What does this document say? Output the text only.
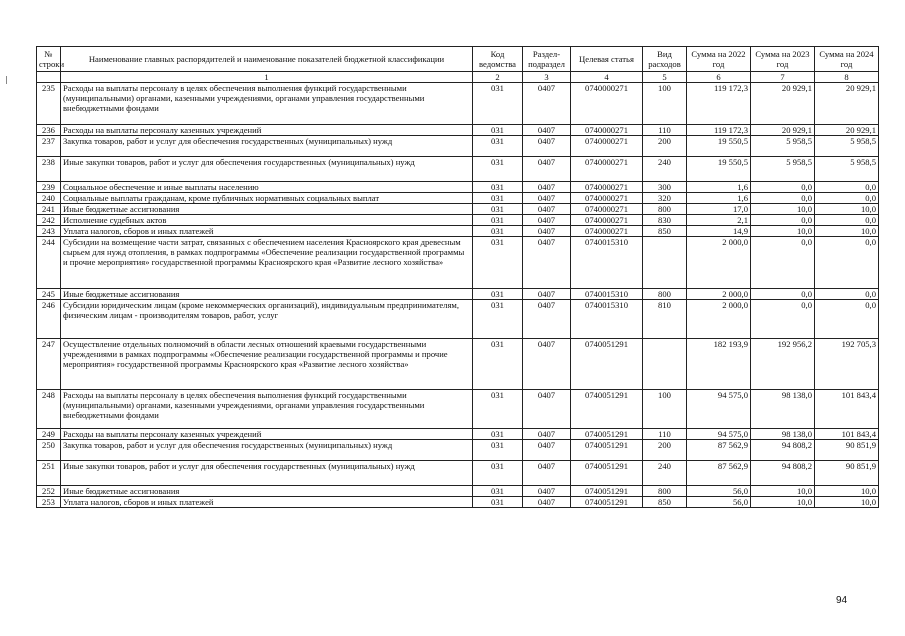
№ строки	Наименование главных распорядителей и наименование показателей бюджетной классификации	Код ведомства	Раздел-подраздел	Целевая статья	Вид расходов	Сумма на 2022 год	Сумма на 2023 год	Сумма на 2024 год
	1	2	3	4	5	6	7	8
235	Расходы на выплаты персоналу в целях обеспечения выполнения функций государственными (муниципальными) органами, казенными учреждениями, органами управления государственными внебюджетными фондами	031	0407	0740000271	100	119 172,3	20 929,1	20 929,1
236	Расходы на выплаты персоналу казенных учреждений	031	0407	0740000271	110	119 172,3	20 929,1	20 929,1
237	Закупка товаров, работ и услуг для обеспечения государственных (муниципальных) нужд	031	0407	0740000271	200	19 550,5	5 958,5	5 958,5
238	Иные закупки товаров, работ и услуг для обеспечения государственных (муниципальных) нужд	031	0407	0740000271	240	19 550,5	5 958,5	5 958,5
239	Социальное обеспечение и иные выплаты населению	031	0407	0740000271	300	1,6	0,0	0,0
240	Социальные выплаты гражданам, кроме публичных нормативных социальных выплат	031	0407	0740000271	320	1,6	0,0	0,0
241	Иные бюджетные ассигнования	031	0407	0740000271	800	17,0	10,0	10,0
242	Исполнение судебных актов	031	0407	0740000271	830	2,1	0,0	0,0
243	Уплата налогов, сборов и иных платежей	031	0407	0740000271	850	14,9	10,0	10,0
244	Субсидии на возмещение части затрат, связанных с обеспечением населения Красноярского края древесным сырьем для нужд отопления, в рамках подпрограммы «Обеспечение реализации государственной программы и прочие мероприятия» государственной программы Красноярского края «Развитие лесного хозяйства»	031	0407	0740015310		2 000,0	0,0	0,0
245	Иные бюджетные ассигнования	031	0407	0740015310	800	2 000,0	0,0	0,0
246	Субсидии юридическим лицам (кроме некоммерческих организаций), индивидуальным предпринимателям, физическим лицам - производителям товаров, работ, услуг	031	0407	0740015310	810	2 000,0	0,0	0,0
247	Осуществление отдельных полномочий в области лесных отношений краевыми государственными учреждениями в рамках подпрограммы «Обеспечение реализации государственной программы и прочие мероприятия» государственной программы Красноярского края «Развитие лесного хозяйства»	031	0407	0740051291		182 193,9	192 956,2	192 705,3
248	Расходы на выплаты персоналу в целях обеспечения выполнения функций государственными (муниципальными) органами, казенными учреждениями, органами управления государственными внебюджетными фондами	031	0407	0740051291	100	94 575,0	98 138,0	101 843,4
249	Расходы на выплаты персоналу казенных учреждений	031	0407	0740051291	110	94 575,0	98 138,0	101 843,4
250	Закупка товаров, работ и услуг для обеспечения государственных (муниципальных) нужд	031	0407	0740051291	200	87 562,9	94 808,2	90 851,9
251	Иные закупки товаров, работ и услуг для обеспечения государственных (муниципальных) нужд	031	0407	0740051291	240	87 562,9	94 808,2	90 851,9
252	Иные бюджетные ассигнования	031	0407	0740051291	800	56,0	10,0	10,0
253	Уплата налогов, сборов и иных платежей	031	0407	0740051291	850	56,0	10,0	10,0
94
